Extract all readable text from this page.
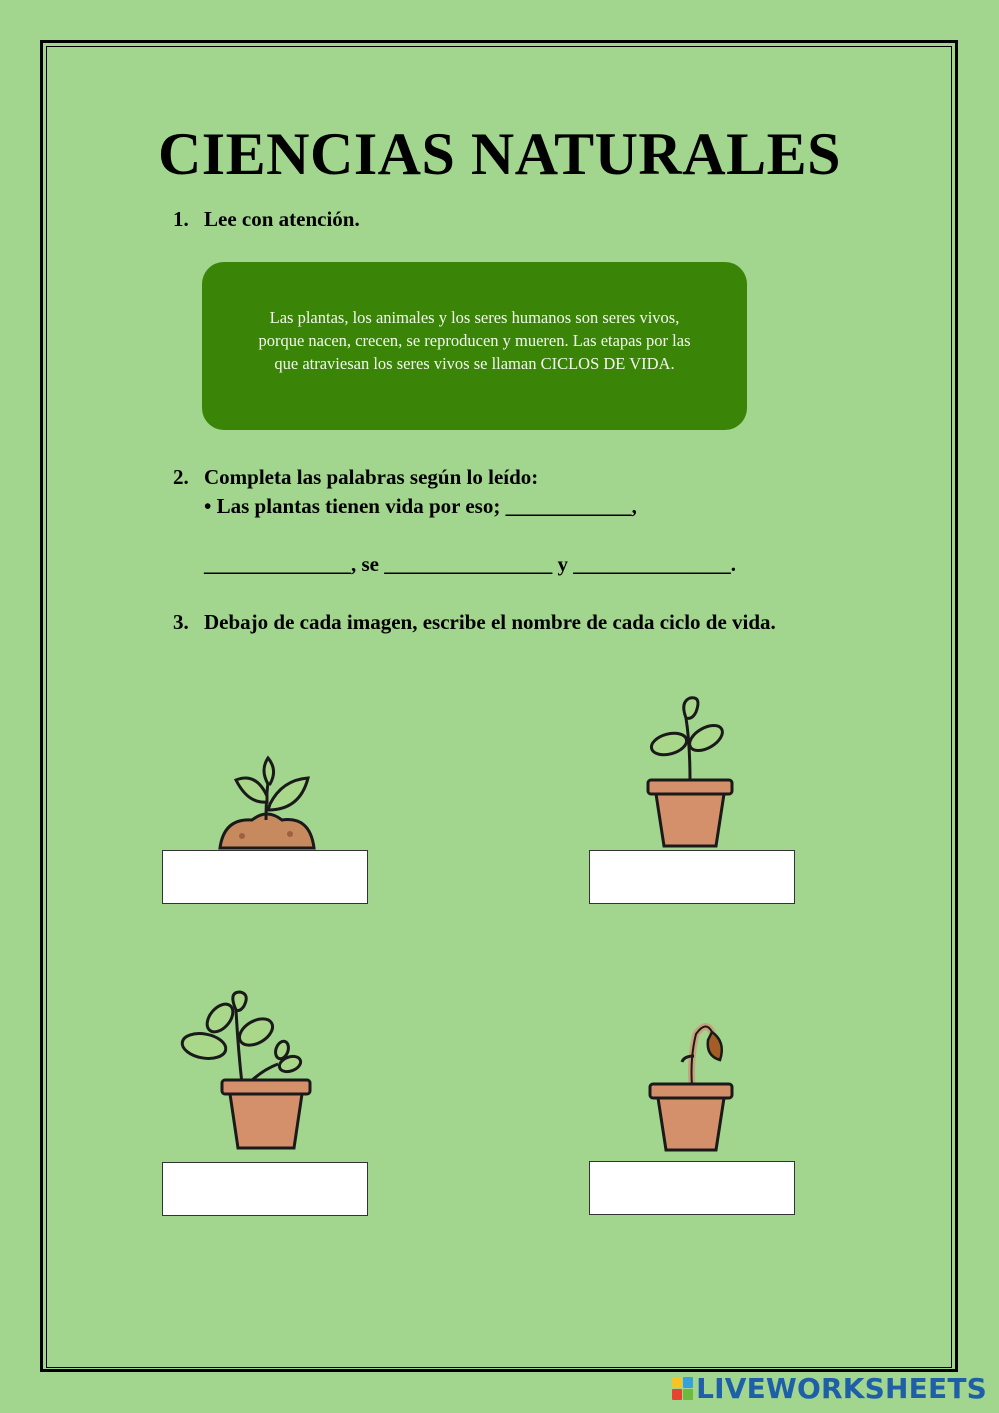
CIENCIAS NATURALES
1. Lee con atención.

Las plantas, los animales y los seres humanos son seres vivos,
porque nacen, crecen, se reproducen y mueren. Las etapas por las
que atraviesan los seres vivos se llaman CICLOS DE VIDA.

2. Completa las palabras según lo leído:
• Las plantas tienen vida por eso; ____________,
______________, se ________________ y _______________.
3. Debajo de cada imagen, escribe el nombre de cada ciclo de vida.
LIVEWORKSHEETS
